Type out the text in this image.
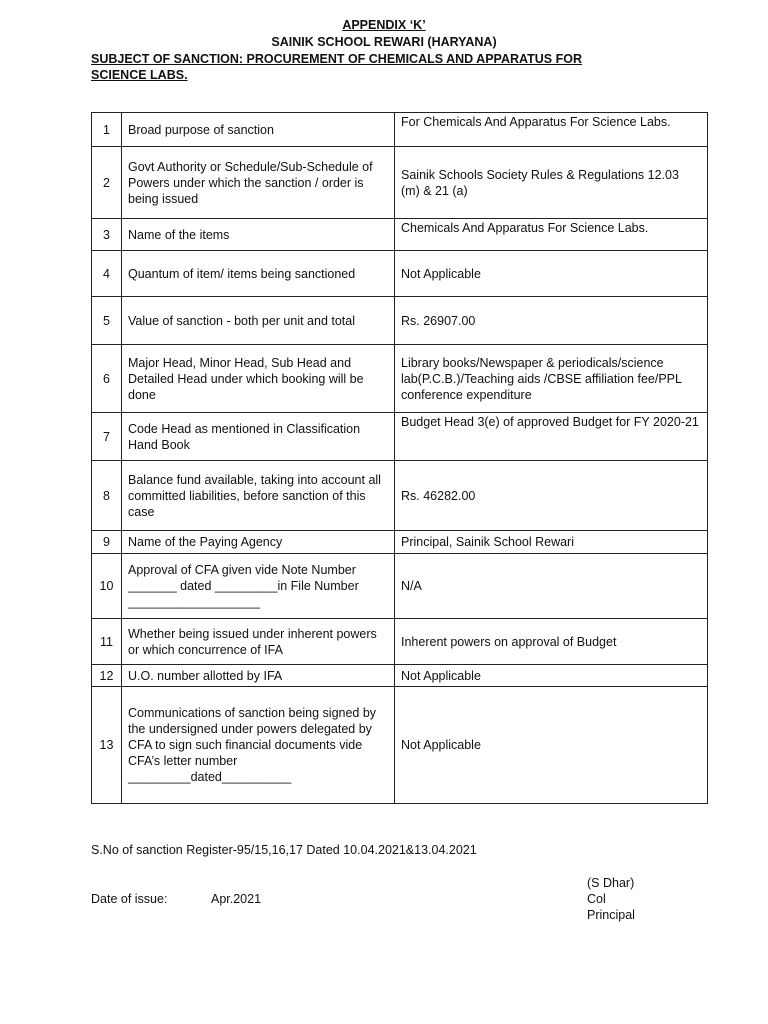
APPENDIX ‘K’
SAINIK SCHOOL REWARI (HARYANA)
SUBJECT OF SANCTION: PROCUREMENT OF CHEMICALS AND APPARATUS FOR
SCIENCE LABS.
1	Broad purpose of sanction	For Chemicals And Apparatus For Science Labs.
2	Govt Authority or Schedule/Sub-Schedule of Powers under which the sanction / order is being issued	Sainik Schools Society Rules & Regulations 12.03 (m) & 21 (a)
3	Name of the items	Chemicals And Apparatus For Science Labs.
4	Quantum of item/ items being sanctioned	Not Applicable
5	Value of sanction - both per unit and total	Rs. 26907.00
6	Major Head, Minor Head, Sub Head and Detailed Head under which booking will be done	Library books/Newspaper & periodicals/science lab(P.C.B.)/Teaching aids /CBSE affiliation fee/PPL conference expenditure
7	Code Head as mentioned in Classification Hand Book	Budget Head 3(e) of approved Budget for FY 2020-21
8	Balance fund available, taking into account all committed liabilities, before sanction of this case	Rs. 46282.00
9	Name of the Paying Agency	Principal, Sainik School Rewari
10	Approval of CFA given vide Note Number _______ dated _________in File Number ___________________	N/A
11	Whether being issued under inherent powers or which concurrence of IFA	Inherent powers on approval of Budget
12	U.O. number allotted by IFA	Not Applicable
13	Communications of sanction being signed by the undersigned under powers delegated by CFA to sign such financial documents vide CFA’s letter number _________dated__________	Not Applicable
S.No of sanction Register-95/15,16,17 Dated 10.04.2021&13.04.2021
Date of issue:	Apr.2021
(S Dhar)
Col
Principal
